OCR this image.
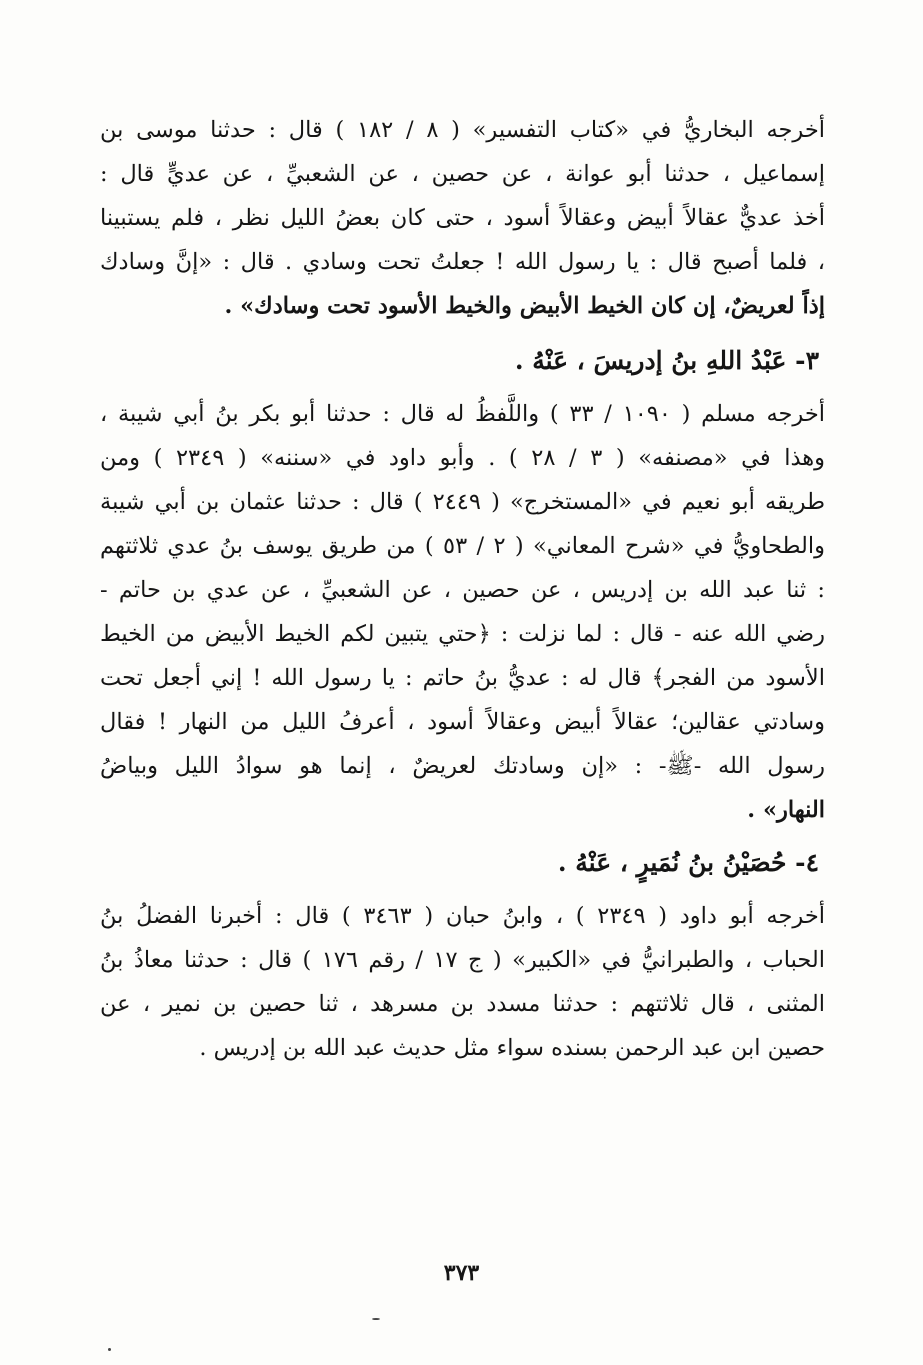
أخرجه البخاريُّ في «كتاب التفسير» ( ٨ / ١٨٢ ) قال : حدثنا موسى بن
إسماعيل ، حدثنا أبو عوانة ، عن حصين ، عن الشعبيِّ ، عن عديٍّ قال :
أخذ عديٌّ عقالاً أبيض وعقالاً أسود ، حتى كان بعضُ الليل نظر ، فلم يستبينا
، فلما أصبح قال : يا رسول الله ! جعلتُ تحت وسادي . قال : «إنَّ وسادك
إذاً لعريضٌ، إن كان الخيط الأبيض والخيط الأسود تحت وسادك» .
٣- عَبْدُ اللهِ بنُ إدريسَ ، عَنْهُ .
أخرجه مسلم ( ١٠٩٠ / ٣٣ ) واللَّفظُ له قال : حدثنا أبو بكر بنُ أبي شيبة ،
وهذا في «مصنفه» ( ٣ / ٢٨ ) . وأبو داود في «سننه» ( ٢٣٤٩ ) ومن
طريقه أبو نعيم في «المستخرج» ( ٢٤٤٩ ) قال : حدثنا عثمان بن أبي شيبة
والطحاويُّ في «شرح المعاني» ( ٢ / ٥٣ ) من طريق يوسف بنُ عدي ثلاثتهم
: ثنا عبد الله بن إدريس ، عن حصين ، عن الشعبيِّ ، عن عدي بن حاتم -
رضي الله عنه - قال : لما نزلت : ﴿حتي يتبين لكم الخيط الأبيض من الخيط
الأسود من الفجر﴾ قال له : عديُّ بنُ حاتم : يا رسول الله ! إني أجعل تحت
وسادتي عقالين؛ عقالاً أبيض وعقالاً أسود ، أعرفُ الليل من النهار ! فقال
رسول الله -ﷺ- : «إن وسادتك لعريضٌ ، إنما هو سوادُ الليل وبياضُ
النهار» .
٤- حُصَيْنُ بنُ نُمَيرٍ ، عَنْهُ .
أخرجه أبو داود ( ٢٣٤٩ ) ، وابنُ حبان ( ٣٤٦٣ ) قال : أخبرنا الفضلُ بنُ
الحباب ، والطبرانيُّ في «الكبير» ( ج ١٧ / رقم ١٧٦ ) قال : حدثنا معاذُ بنُ
المثنى ، قال ثلاثتهم : حدثنا مسدد بن مسرهد ، ثنا حصين بن نمير ، عن
حصين ابن عبد الرحمن بسنده سواء مثل حديث عبد الله بن إدريس .
٣٧٣
